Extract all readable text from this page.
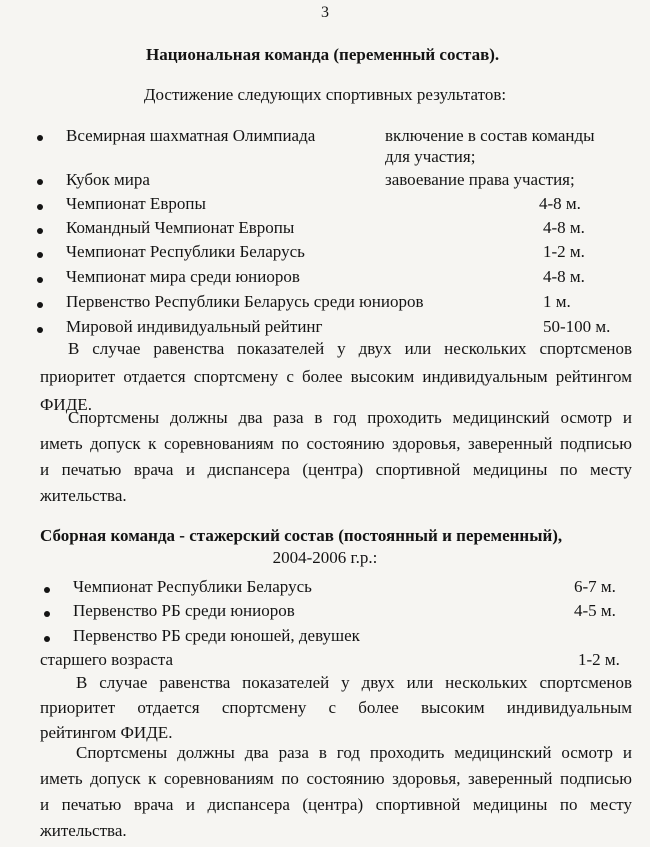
3
Национальная команда (переменный состав).
Достижение следующих спортивных результатов:
Всемирная шахматная Олимпиада	включение в состав команды
для участия;
Кубок мира	завоевание права участия;
Чемпионат Европы	4-8 м.
Командный Чемпионат Европы	4-8 м.
Чемпионат Республики Беларусь	1-2 м.
Чемпионат мира среди юниоров	4-8 м.
Первенство Республики Беларусь среди юниоров	1 м.
Мировой индивидуальный рейтинг	50-100 м.
В случае равенства показателей у двух или нескольких спортсменов
приоритет отдается спортсмену с более высоким индивидуальным рейтингом
ФИДЕ.
Спортсмены должны два раза в год проходить медицинский осмотр и
иметь допуск к соревнованиям по состоянию здоровья, заверенный подписью
и печатью врача и диспансера (центра) спортивной медицины по месту
жительства.
Сборная команда - стажерский состав (постоянный и переменный),
2004-2006 г.р.:
Чемпионат Республики Беларусь	6-7 м.
Первенство РБ среди юниоров	4-5 м.
Первенство РБ среди юношей, девушек
старшего возраста	1-2 м.
В случае равенства показателей у двух или нескольких спортсменов
приоритет отдается спортсмену с более высоким индивидуальным
рейтингом ФИДЕ.
Спортсмены должны два раза в год проходить медицинский осмотр и
иметь допуск к соревнованиям по состоянию здоровья, заверенный подписью
и печатью врача и диспансера (центра) спортивной медицины по месту
жительства.
